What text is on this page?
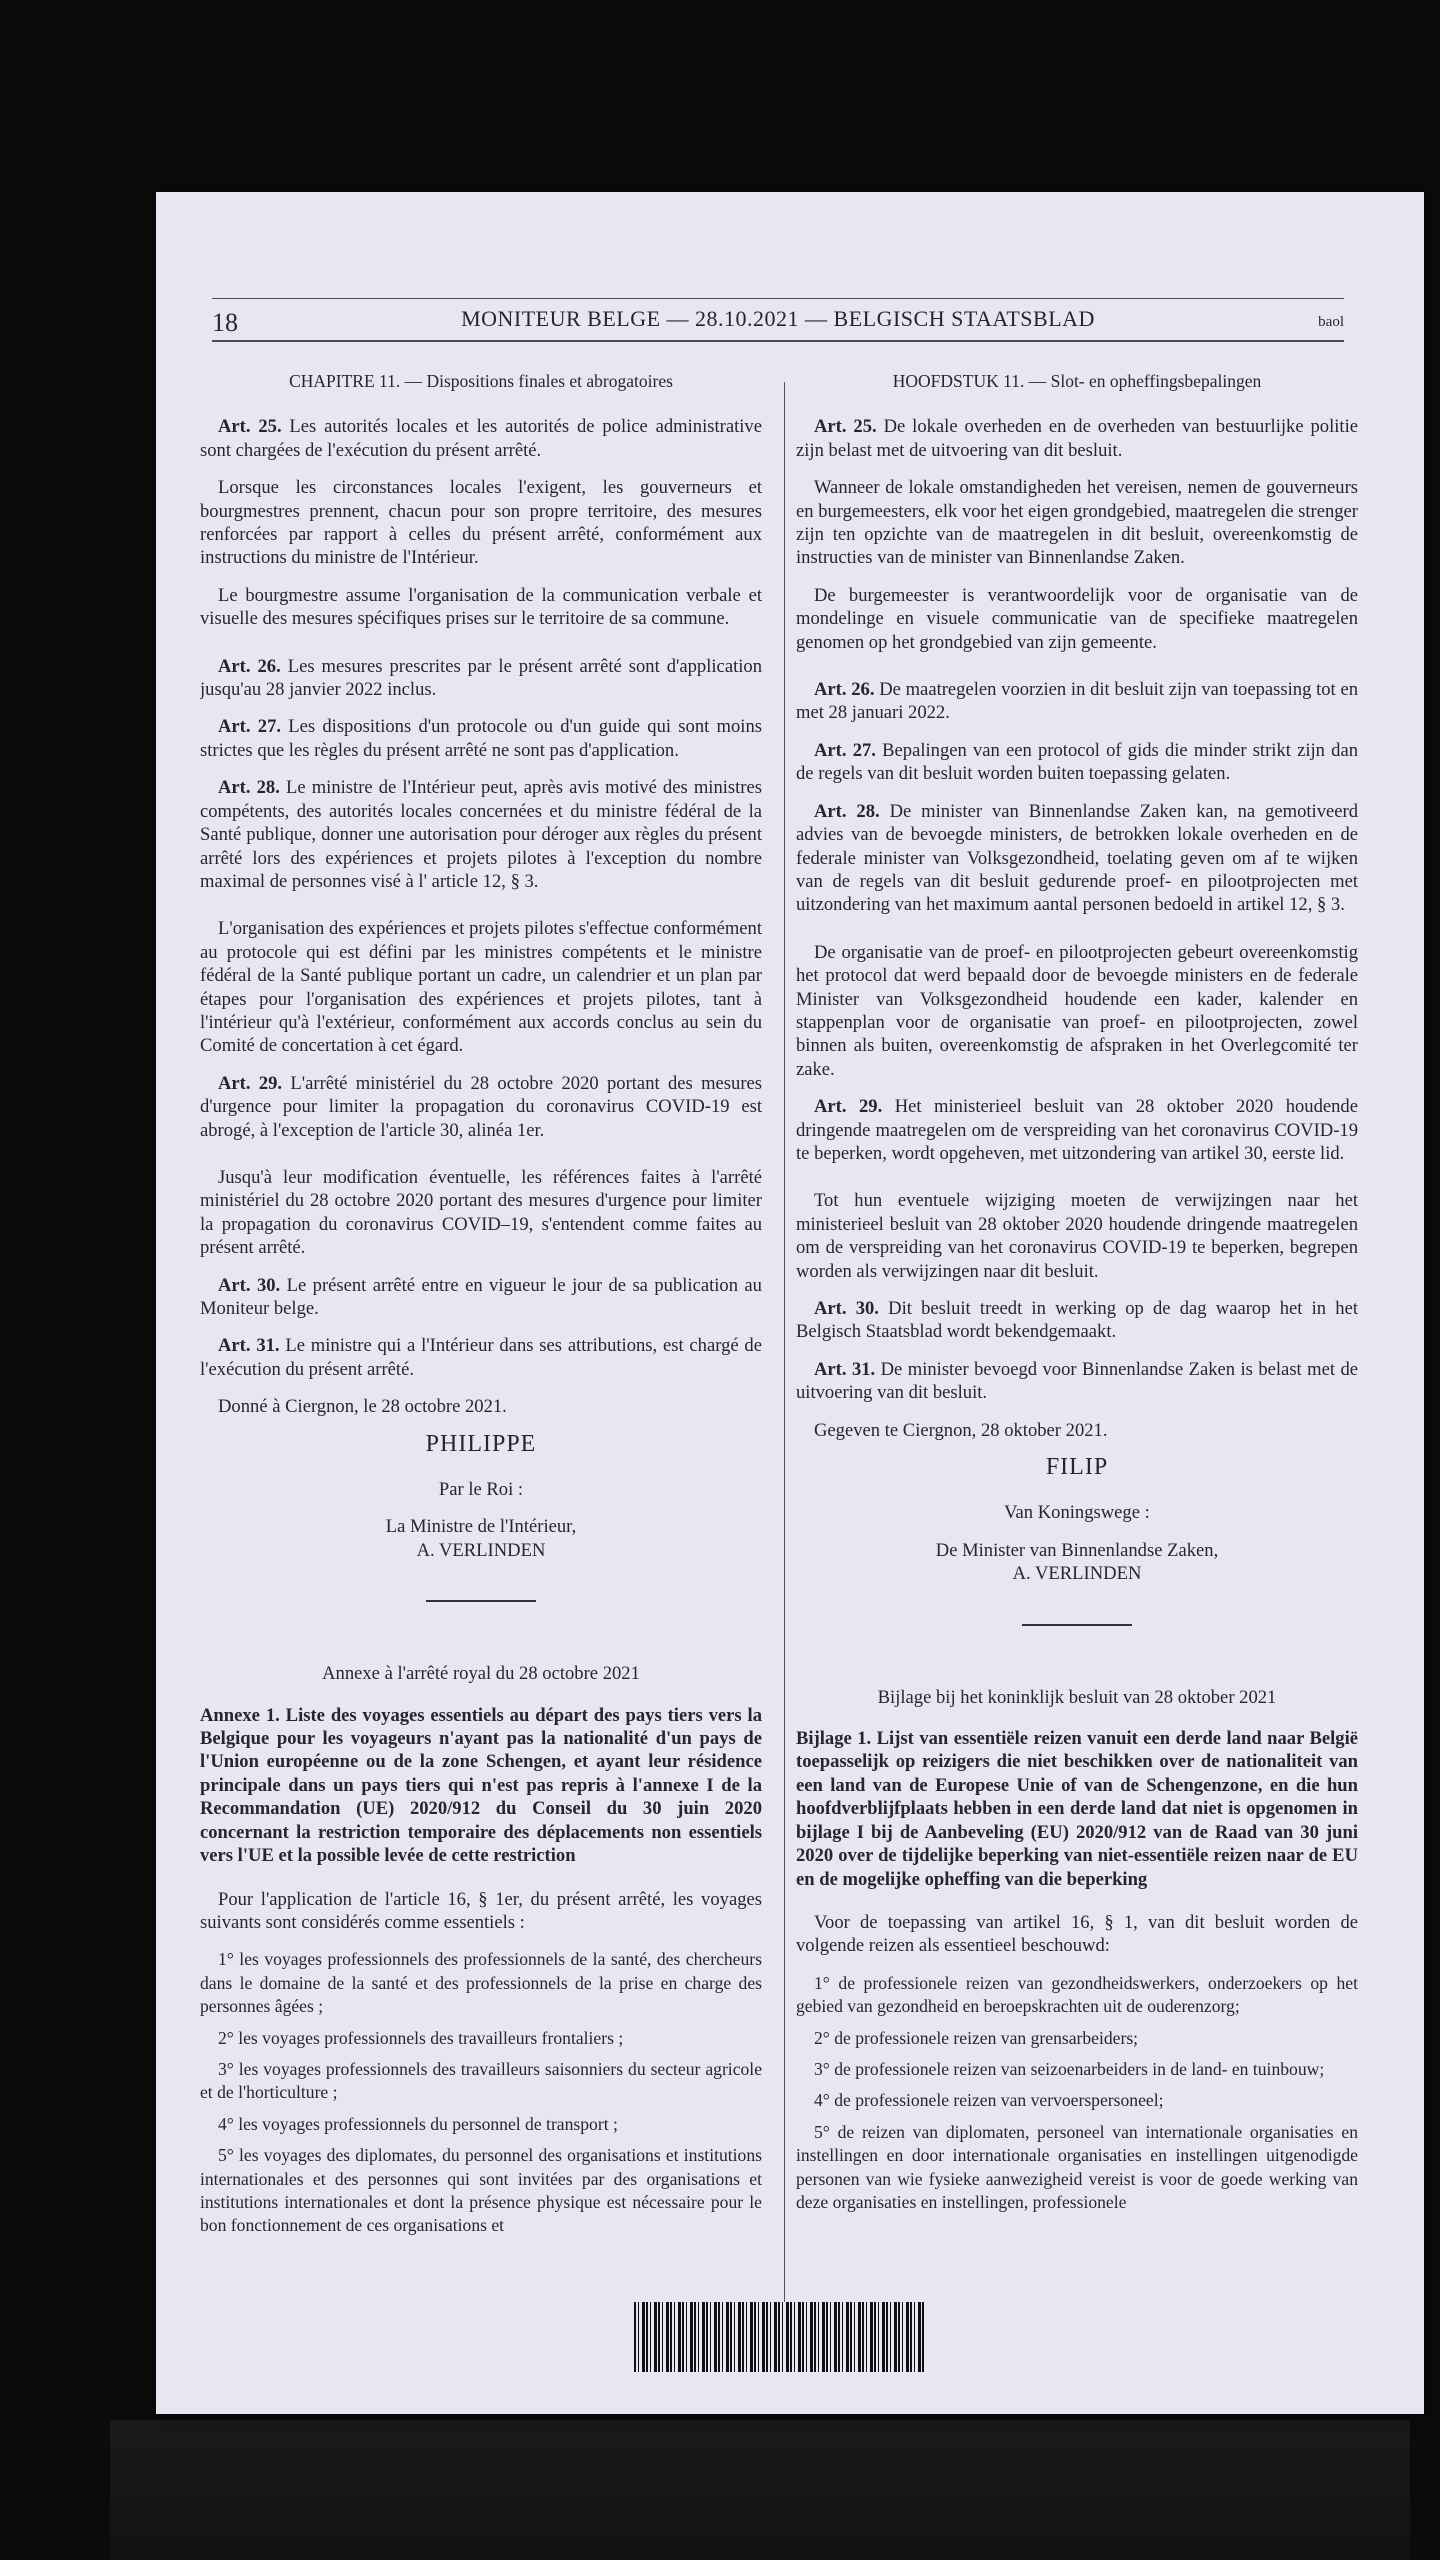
18	MONITEUR BELGE — 28.10.2021 — BELGISCH STAATSBLAD	baol

CHAPITRE 11. — Dispositions finales et abrogatoires

Art. 25. Les autorités locales et les autorités de police administrative sont chargées de l'exécution du présent arrêté.

Lorsque les circonstances locales l'exigent, les gouverneurs et bourgmestres prennent, chacun pour son propre territoire, des mesures renforcées par rapport à celles du présent arrêté, conformément aux instructions du ministre de l'Intérieur.

Le bourgmestre assume l'organisation de la communication verbale et visuelle des mesures spécifiques prises sur le territoire de sa commune.

Art. 26. Les mesures prescrites par le présent arrêté sont d'application jusqu'au 28 janvier 2022 inclus.

Art. 27. Les dispositions d'un protocole ou d'un guide qui sont moins strictes que les règles du présent arrêté ne sont pas d'application.

Art. 28. Le ministre de l'Intérieur peut, après avis motivé des ministres compétents, des autorités locales concernées et du ministre fédéral de la Santé publique, donner une autorisation pour déroger aux règles du présent arrêté lors des expériences et projets pilotes à l'exception du nombre maximal de personnes visé à l' article 12, § 3.

L'organisation des expériences et projets pilotes s'effectue conformément au protocole qui est défini par les ministres compétents et le ministre fédéral de la Santé publique portant un cadre, un calendrier et un plan par étapes pour l'organisation des expériences et projets pilotes, tant à l'intérieur qu'à l'extérieur, conformément aux accords conclus au sein du Comité de concertation à cet égard.

Art. 29. L'arrêté ministériel du 28 octobre 2020 portant des mesures d'urgence pour limiter la propagation du coronavirus COVID-19 est abrogé, à l'exception de l'article 30, alinéa 1er.

Jusqu'à leur modification éventuelle, les références faites à l'arrêté ministériel du 28 octobre 2020 portant des mesures d'urgence pour limiter la propagation du coronavirus COVID–19, s'entendent comme faites au présent arrêté.

Art. 30. Le présent arrêté entre en vigueur le jour de sa publication au Moniteur belge.

Art. 31. Le ministre qui a l'Intérieur dans ses attributions, est chargé de l'exécution du présent arrêté.

Donné à Ciergnon, le 28 octobre 2021.

PHILIPPE

Par le Roi :

La Ministre de l'Intérieur,

A. VERLINDEN

Annexe à l'arrêté royal du 28 octobre 2021

Annexe 1. Liste des voyages essentiels au départ des pays tiers vers la Belgique pour les voyageurs n'ayant pas la nationalité d'un pays de l'Union européenne ou de la zone Schengen, et ayant leur résidence principale dans un pays tiers qui n'est pas repris à l'annexe I de la Recommandation (UE) 2020/912 du Conseil du 30 juin 2020 concernant la restriction temporaire des déplacements non essentiels vers l'UE et la possible levée de cette restriction

Pour l'application de l'article 16, § 1er, du présent arrêté, les voyages suivants sont considérés comme essentiels :

1° les voyages professionnels des professionnels de la santé, des chercheurs dans le domaine de la santé et des professionnels de la prise en charge des personnes âgées ;

2° les voyages professionnels des travailleurs frontaliers ;

3° les voyages professionnels des travailleurs saisonniers du secteur agricole et de l'horticulture ;

4° les voyages professionnels du personnel de transport ;

5° les voyages des diplomates, du personnel des organisations et institutions internationales et des personnes qui sont invitées par des organisations et institutions internationales et dont la présence physique est nécessaire pour le bon fonctionnement de ces organisations et

HOOFDSTUK 11. — Slot- en opheffingsbepalingen

Art. 25. De lokale overheden en de overheden van bestuurlijke politie zijn belast met de uitvoering van dit besluit.

Wanneer de lokale omstandigheden het vereisen, nemen de gouverneurs en burgemeesters, elk voor het eigen grondgebied, maatregelen die strenger zijn ten opzichte van de maatregelen in dit besluit, overeenkomstig de instructies van de minister van Binnenlandse Zaken.

De burgemeester is verantwoordelijk voor de organisatie van de mondelinge en visuele communicatie van de specifieke maatregelen genomen op het grondgebied van zijn gemeente.

Art. 26. De maatregelen voorzien in dit besluit zijn van toepassing tot en met 28 januari 2022.

Art. 27. Bepalingen van een protocol of gids die minder strikt zijn dan de regels van dit besluit worden buiten toepassing gelaten.

Art. 28. De minister van Binnenlandse Zaken kan, na gemotiveerd advies van de bevoegde ministers, de betrokken lokale overheden en de federale minister van Volksgezondheid, toelating geven om af te wijken van de regels van dit besluit gedurende proef- en pilootprojecten met uitzondering van het maximum aantal personen bedoeld in artikel 12, § 3.

De organisatie van de proef- en pilootprojecten gebeurt overeenkomstig het protocol dat werd bepaald door de bevoegde ministers en de federale Minister van Volksgezondheid houdende een kader, kalender en stappenplan voor de organisatie van proef- en pilootprojecten, zowel binnen als buiten, overeenkomstig de afspraken in het Overlegcomité ter zake.

Art. 29. Het ministerieel besluit van 28 oktober 2020 houdende dringende maatregelen om de verspreiding van het coronavirus COVID-19 te beperken, wordt opgeheven, met uitzondering van artikel 30, eerste lid.

Tot hun eventuele wijziging moeten de verwijzingen naar het ministerieel besluit van 28 oktober 2020 houdende dringende maatregelen om de verspreiding van het coronavirus COVID-19 te beperken, begrepen worden als verwijzingen naar dit besluit.

Art. 30. Dit besluit treedt in werking op de dag waarop het in het Belgisch Staatsblad wordt bekendgemaakt.

Art. 31. De minister bevoegd voor Binnenlandse Zaken is belast met de uitvoering van dit besluit.

Gegeven te Ciergnon, 28 oktober 2021.

FILIP

Van Koningswege :

De Minister van Binnenlandse Zaken,

A. VERLINDEN

Bijlage bij het koninklijk besluit van 28 oktober 2021

Bijlage 1. Lijst van essentiële reizen vanuit een derde land naar België toepasselijk op reizigers die niet beschikken over de nationaliteit van een land van de Europese Unie of van de Schengenzone, en die hun hoofdverblijfplaats hebben in een derde land dat niet is opgenomen in bijlage I bij de Aanbeveling (EU) 2020/912 van de Raad van 30 juni 2020 over de tijdelijke beperking van niet-essentiële reizen naar de EU en de mogelijke opheffing van die beperking

Voor de toepassing van artikel 16, § 1, van dit besluit worden de volgende reizen als essentieel beschouwd:

1° de professionele reizen van gezondheidswerkers, onderzoekers op het gebied van gezondheid en beroepskrachten uit de ouderenzorg;

2° de professionele reizen van grensarbeiders;

3° de professionele reizen van seizoenarbeiders in de land- en tuinbouw;

4° de professionele reizen van vervoerspersoneel;

5° de reizen van diplomaten, personeel van internationale organisaties en instellingen en door internationale organisaties en instellingen uitgenodigde personen van wie fysieke aanwezigheid vereist is voor de goede werking van deze organisaties en instellingen, professionele
